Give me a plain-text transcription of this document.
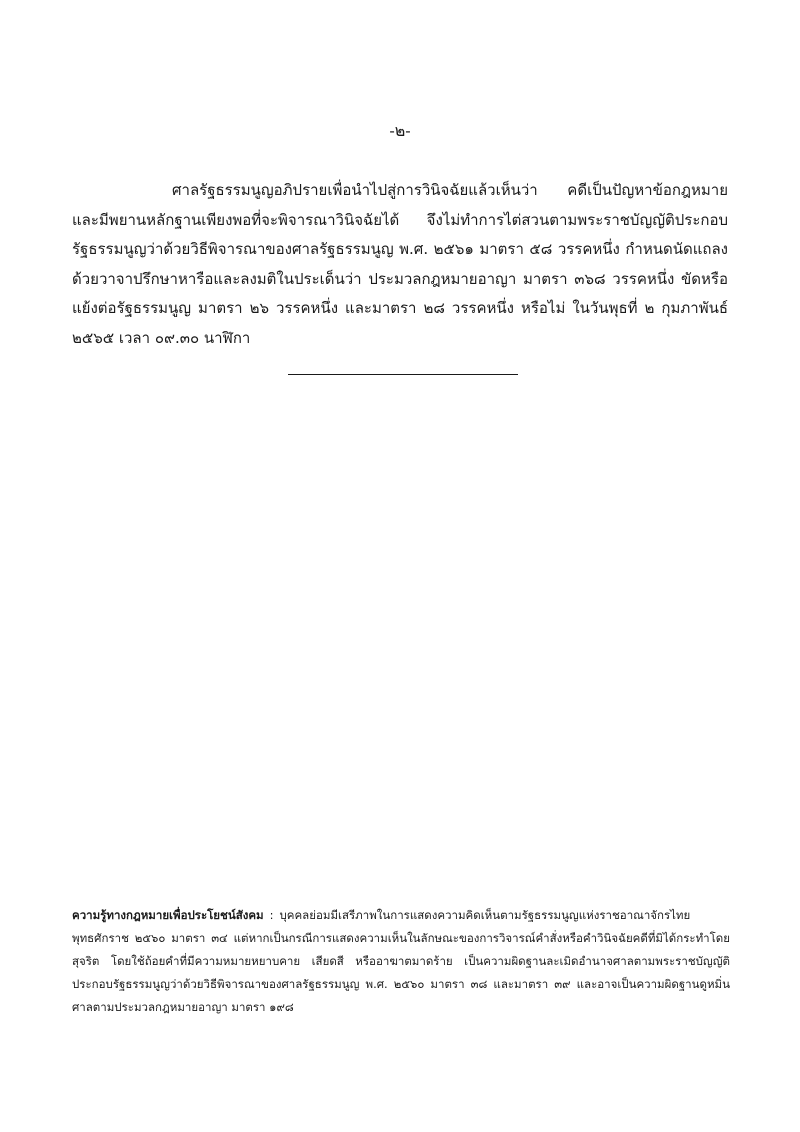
-๒-

ศาลรัฐธรรมนูญอภิปรายเพื่อนำไปสู่การวินิจฉัยแล้วเห็นว่า คดีเป็นปัญหาข้อกฎหมายและมีพยานหลักฐานเพียงพอที่จะพิจารณาวินิจฉัยได้ จึงไม่ทำการไต่สวนตามพระราชบัญญัติประกอบรัฐธรรมนูญว่าด้วยวิธีพิจารณาของศาลรัฐธรรมนูญ พ.ศ. ๒๕๖๑ มาตรา ๕๘ วรรคหนึ่ง กำหนดนัดแถลงด้วยวาจาปรึกษาหารือและลงมติในประเด็นว่า ประมวลกฎหมายอาญา มาตรา ๓๖๘ วรรคหนึ่ง ขัดหรือแย้งต่อรัฐธรรมนูญ มาตรา ๒๖ วรรคหนึ่ง และมาตรา ๒๘ วรรคหนึ่ง หรือไม่ ในวันพุธที่ ๒ กุมภาพันธ์ ๒๕๖๕ เวลา ๐๙.๓๐ นาฬิกา

ความรู้ทางกฎหมายเพื่อประโยชน์สังคม : บุคคลย่อมมีเสรีภาพในการแสดงความคิดเห็นตามรัฐธรรมนูญแห่งราชอาณาจักรไทย พุทธศักราช ๒๕๖๐ มาตรา ๓๔ แต่หากเป็นกรณีการแสดงความเห็นในลักษณะของการวิจารณ์คำสั่งหรือคำวินิจฉัยคดีที่มิได้กระทำโดยสุจริต โดยใช้ถ้อยคำที่มีความหมายหยาบคาย เสียดสี หรืออาฆาตมาดร้าย เป็นความผิดฐานละเมิดอำนาจศาลตามพระราชบัญญัติประกอบรัฐธรรมนูญว่าด้วยวิธีพิจารณาของศาลรัฐธรรมนูญ พ.ศ. ๒๕๖๐ มาตรา ๓๘ และมาตรา ๓๙ และอาจเป็นความผิดฐานดูหมิ่นศาลตามประมวลกฎหมายอาญา มาตรา ๑๙๘
